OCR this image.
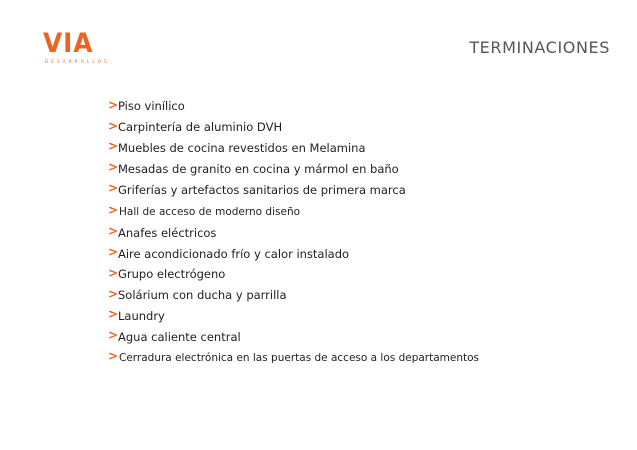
VIA
DESARROLLOS
TERMINACIONES
> Piso vinílico
> Carpintería de aluminio DVH
> Muebles de cocina revestidos en Melamina
> Mesadas de granito en cocina y mármol en baño
> Griferías y artefactos sanitarios de primera marca
> Hall de acceso de moderno diseño
> Anafes eléctricos
> Aire acondicionado frío y calor instalado
> Grupo electrógeno
> Solárium con ducha y parrilla
> Laundry
> Agua caliente central
> Cerradura electrónica en las puertas de acceso a los departamentos
